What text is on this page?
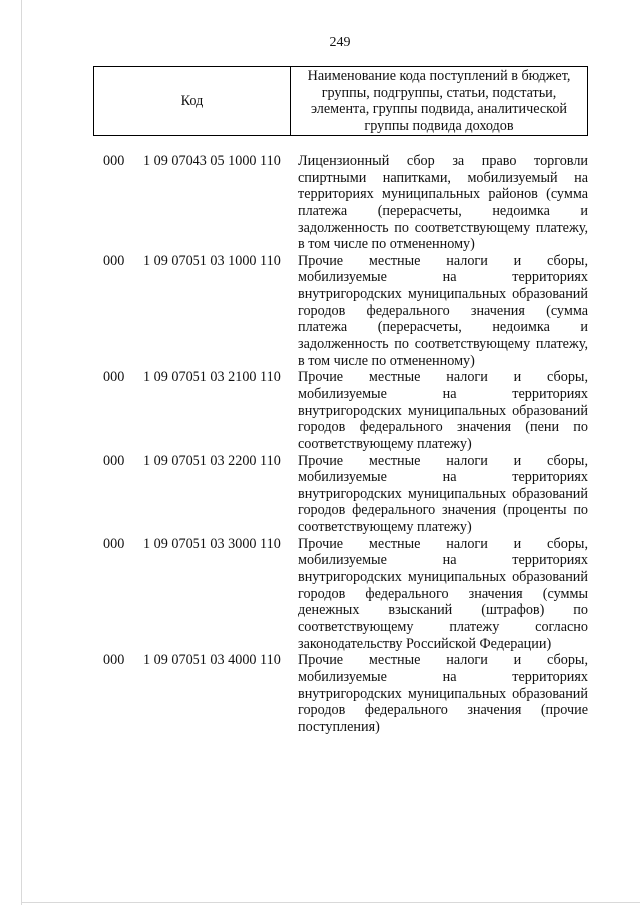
249
Код
Наименование кода поступлений в бюджет,
группы, подгруппы, статьи, подстатьи,
элемента, группы подвида, аналитической
группы подвида доходов
000 1 09 07043 05 1000 110 Лицензионный сбор за право торговли
спиртными напитками, мобилизуемый на
территориях муниципальных районов (сумма
платежа (перерасчеты, недоимка и
задолженность по соответствующему платежу,
в том числе по отмененному)
000 1 09 07051 03 1000 110 Прочие местные налоги и сборы,
мобилизуемые на территориях
внутригородских муниципальных образований
городов федерального значения (сумма
платежа (перерасчеты, недоимка и
задолженность по соответствующему платежу,
в том числе по отмененному)
000 1 09 07051 03 2100 110 Прочие местные налоги и сборы,
мобилизуемые на территориях
внутригородских муниципальных образований
городов федерального значения (пени по
соответствующему платежу)
000 1 09 07051 03 2200 110 Прочие местные налоги и сборы,
мобилизуемые на территориях
внутригородских муниципальных образований
городов федерального значения (проценты по
соответствующему платежу)
000 1 09 07051 03 3000 110 Прочие местные налоги и сборы,
мобилизуемые на территориях
внутригородских муниципальных образований
городов федерального значения (суммы
денежных взысканий (штрафов) по
соответствующему платежу согласно
законодательству Российской Федерации)
000 1 09 07051 03 4000 110 Прочие местные налоги и сборы,
мобилизуемые на территориях
внутригородских муниципальных образований
городов федерального значения (прочие
поступления)
